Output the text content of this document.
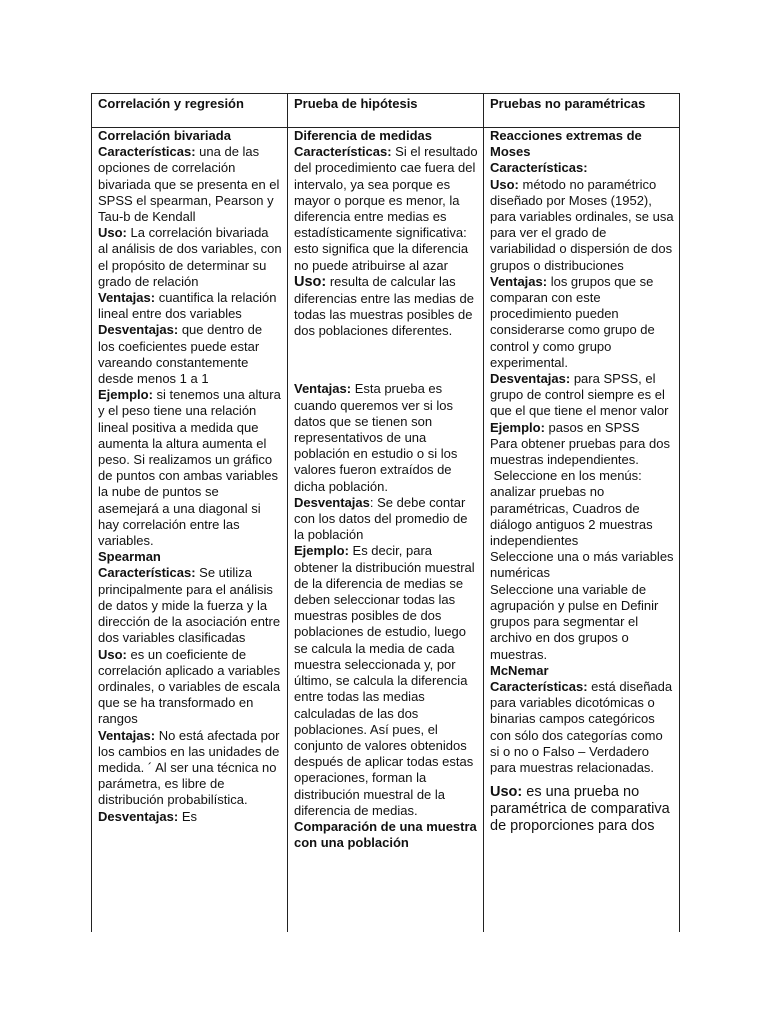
Correlación y regresión	Prueba de hipótesis	Pruebas no paramétricas

Correlación bivariada

Características: una de las opciones de correlación bivariada que se presenta en el SPSS el spearman, Pearson y

Tau-b de Kendall

Uso: La correlación bivariada al análisis de dos variables, con el propósito de determinar su grado de relación

Ventajas: cuantifica la relación lineal entre dos variables

Desventajas: que dentro de los coeficientes puede estar vareando constantemente desde menos 1 a 1

Ejemplo: si tenemos una altura y el peso tiene una relación lineal positiva a medida que aumenta la altura aumenta el peso. Si realizamos un gráfico de puntos con ambas variables la nube de puntos se asemejará a una diagonal si hay correlación entre las variables.

Spearman

Características: Se utiliza principalmente para el análisis de datos y mide la fuerza y la dirección de la asociación entre dos variables clasificadas

Uso: es un coeficiente de correlación aplicado a variables ordinales, o variables de escala que se ha transformado en rangos

Ventajas: No está afectada por los cambios en las unidades de medida. ´ Al ser una técnica no parámetra, es libre de distribución probabilística.

Desventajas: Es

Diferencia de medidas

Características: Si el resultado del procedimiento cae fuera del intervalo, ya sea porque es mayor o porque es menor, la diferencia entre medias es estadísticamente significativa: esto significa que la diferencia no puede atribuirse al azar

Uso: resulta de calcular las diferencias entre las medias de todas las muestras posibles de dos poblaciones diferentes.

Ventajas: Esta prueba es cuando queremos ver si los datos que se tienen son representativos de una población en estudio o si los valores fueron extraídos de dicha población.

Desventajas: Se debe contar con los datos del promedio de la población

Ejemplo: Es decir, para obtener la distribución muestral de la diferencia de medias se deben seleccionar todas las muestras posibles de dos poblaciones de estudio, luego se calcula la media de cada muestra seleccionada y, por último, se calcula la diferencia entre todas las medias calculadas de las dos poblaciones. Así pues, el conjunto de valores obtenidos después de aplicar todas estas operaciones, forman la distribución muestral de la diferencia de medias.

Comparación de una muestra con una población

Reacciones extremas de Moses

Características:

Uso: método no paramétrico diseñado por Moses (1952), para variables ordinales, se usa para ver el grado de variabilidad o dispersión de dos grupos o distribuciones

Ventajas: los grupos que se comparan con este procedimiento pueden considerarse como grupo de control y como grupo experimental.

Desventajas: para SPSS, el grupo de control siempre es el que el que tiene el menor valor

Ejemplo: pasos en SPSS

Para obtener pruebas para dos muestras independientes.

Seleccione en los menús: analizar pruebas no paramétricas, Cuadros de diálogo antiguos 2 muestras independientes

Seleccione una o más variables numéricas

Seleccione una variable de agrupación y pulse en Definir grupos para segmentar el archivo en dos grupos o muestras.

McNemar

Características: está diseñada para variables dicotómicas o binarias campos categóricos con sólo dos categorías como si o no o Falso – Verdadero para muestras relacionadas.

Uso: es una prueba no paramétrica de comparativa de proporciones para dos
